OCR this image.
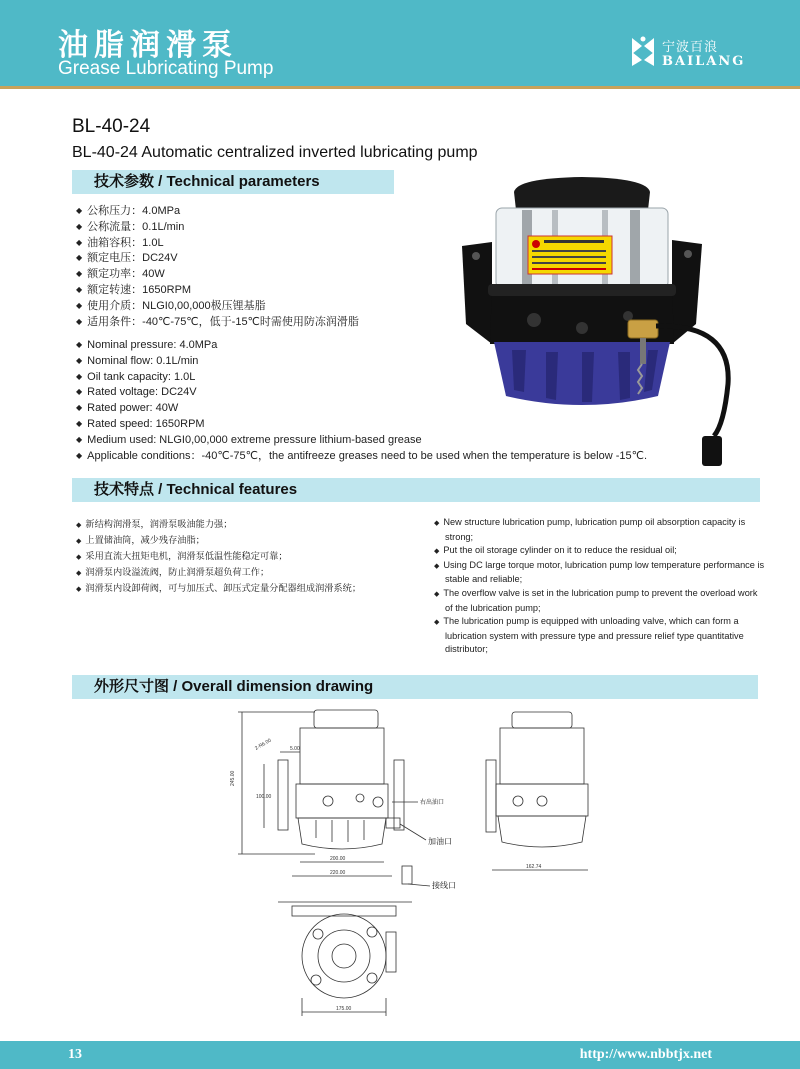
油脂润滑泵
Grease Lubricating Pump
宁波百浪
BAILANG
BL-40-24
BL-40-24 Automatic centralized inverted lubricating pump
技术参数 / Technical parameters
◆ 公称压力：4.0MPa
◆ 公称流量：0.1L/min
◆ 油箱容积：1.0L
◆ 额定电压：DC24V
◆ 额定功率：40W
◆ 额定转速：1650RPM
◆ 使用介质：NLGI0,00,000极压锂基脂
◆ 适用条件：-40℃-75℃，低于-15℃时需使用防冻润滑脂
◆ Nominal pressure: 4.0MPa
◆ Nominal flow: 0.1L/min
◆ Oil tank capacity: 1.0L
◆ Rated voltage: DC24V
◆ Rated power: 40W
◆ Rated speed: 1650RPM
◆ Medium used: NLGI0,00,000 extreme pressure lithium-based grease
◆ Applicable conditions：-40℃-75℃，the antifreeze greases need to be used when the temperature is below -15℃.
技术特点 / Technical features
◆ 新结构润滑泵，润滑泵吸油能力强；
◆ 上置储油筒，减少残存油脂；
◆ 采用直流大扭矩电机，润滑泵低温性能稳定可靠；
◆ 润滑泵内设溢流阀，防止润滑泵超负荷工作；
◆ 润滑泵内设卸荷阀，可与加压式、卸压式定量分配器组成润滑系统；
◆ New structure lubrication pump, lubrication pump oil absorption capacity is strong;
◆ Put the oil storage cylinder on it to reduce the residual oil;
◆ Using DC large torque motor, lubrication pump low temperature performance is stable and reliable;
◆ The overflow valve is set in the lubrication pump to prevent the overload work of the lubrication pump;
◆ The lubrication pump is equipped with unloading valve, which can form a lubrication system with pressure type and pressure relief type quantitative distributor;
外形尺寸图 / Overall dimension drawing
245.00
100.00
2-R6.00	5.00
加油口
右出油口
接线口
200.00
220.00
162.74
175.00
13	http://www.nbbtjx.net
